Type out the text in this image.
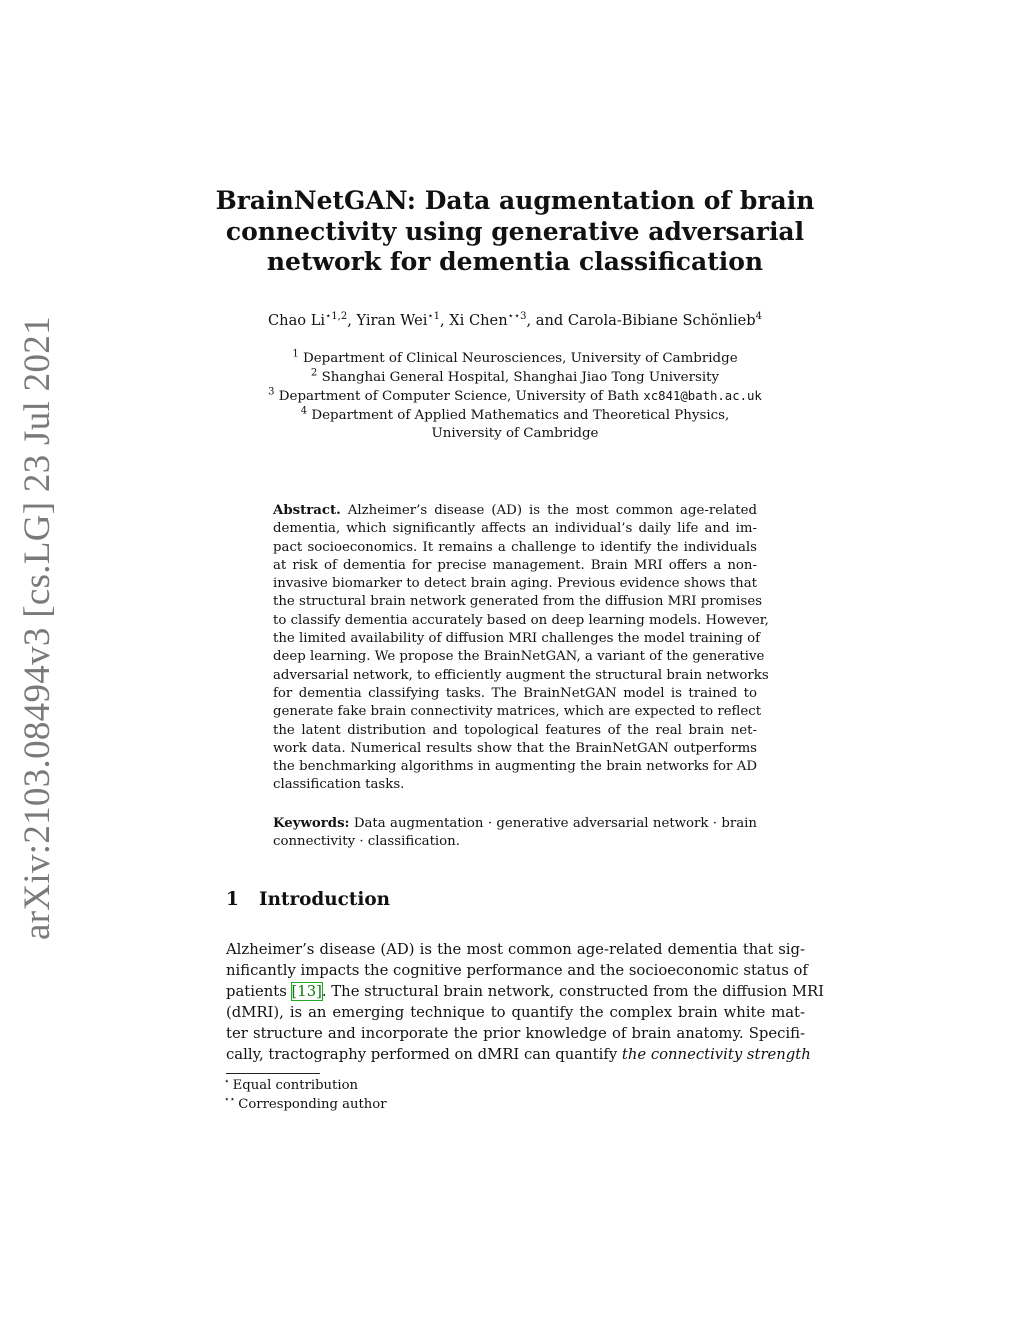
arXiv:2103.08494v3 [cs.LG] 23 Jul 2021
BrainNetGAN: Data augmentation of brain
connectivity using generative adversarial
network for dementia classification
Chao $Li^{⋆1,2}$, Yiran Wei$^{⋆1}$, Xi Chen$^{⋆⋆3}$, and Carola-Bibiane Schönlieb$^4$
$^1$ Department of Clinical Neurosciences, University of Cambridge
$^2$ Shanghai General Hospital, Shanghai Jiao Tong University
$^3$ Department of Computer Science, University of Bath xc841@bath.ac.uk
$^4$ Department of Applied Mathematics and Theoretical Physics,
University of Cambridge
Abstract. Alzheimer’s disease (AD) is the most common age-related
dementia, which significantly affects an individual’s daily life and im-
pact socioeconomics. It remains a challenge to identify the individuals
at risk of dementia for precise management. Brain MRI offers a non-
invasive biomarker to detect brain aging. Previous evidence shows that
the structural brain network generated from the diffusion MRI promises
to classify dementia accurately based on deep learning models. However,
the limited availability of diffusion MRI challenges the model training of
deep learning. We propose the BrainNetGAN, a variant of the generative
adversarial network, to efficiently augment the structural brain networks
for dementia classifying tasks. The BrainNetGAN model is trained to
generate fake brain connectivity matrices, which are expected to reflect
the latent distribution and topological features of the real brain net-
work data. Numerical results show that the BrainNetGAN outperforms
the benchmarking algorithms in augmenting the brain networks for AD
classification tasks.
Keywords: Data augmentation · generative adversarial network · brain
connectivity · classification.
1 Introduction
Alzheimer’s disease (AD) is the most common age-related dementia that sig-
nificantly impacts the cognitive performance and the socioeconomic status of
patients [13]. The structural brain network, constructed from the diffusion MRI
(dMRI), is an emerging technique to quantify the complex brain white mat-
ter structure and incorporate the prior knowledge of brain anatomy. Specifi-
cally, tractography performed on dMRI can quantify the connectivity strength
⋆ Equal contribution
⋆⋆ Corresponding author
